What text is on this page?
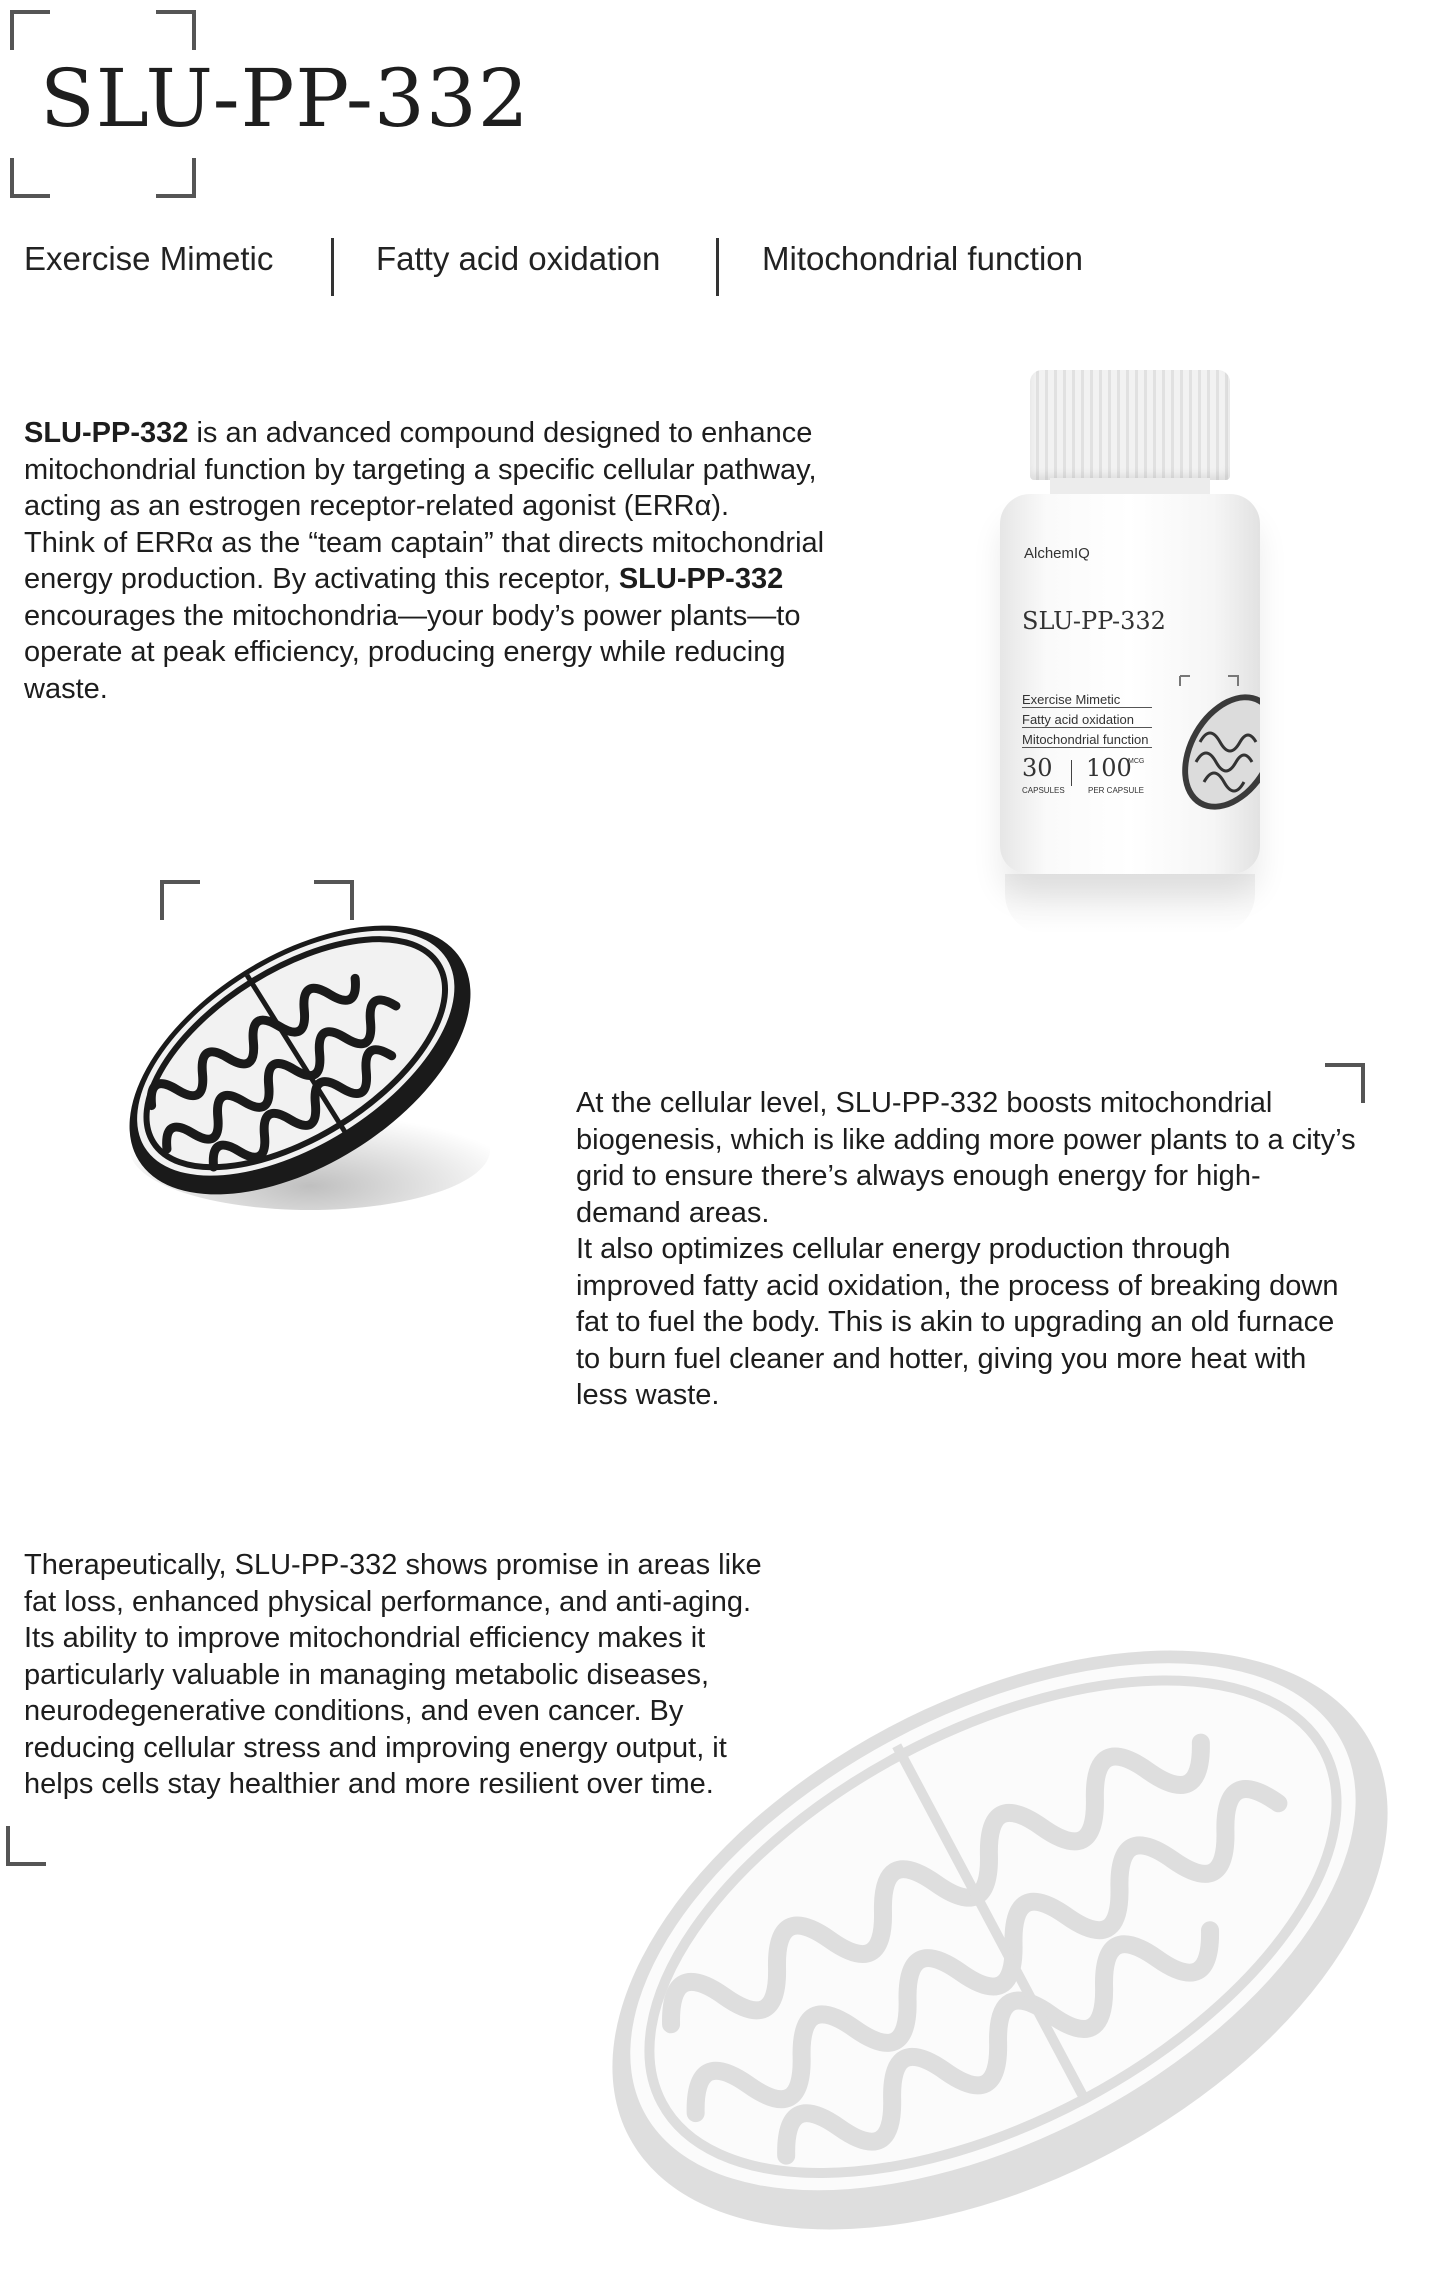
SLU-PP-332
Exercise Mimetic	Fatty acid oxidation	Mitochondrial function

SLU-PP-332 is an advanced compound designed to enhance mitochondrial function by targeting a specific cellular pathway, acting as an estrogen receptor-related agonist (ERRα).

Think of ERRα as the “team captain” that directs mitochondrial energy production. By activating this receptor, SLU-PP-332 encourages the mitochondria—your body’s power plants—to operate at peak efficiency, producing energy while reducing waste.

AlchemIQ
SLU-PP-332
Exercise Mimetic
Fatty acid oxidation
Mitochondrial function
30
CAPSULES
100
MCG
PER CAPSULE

At the cellular level, SLU-PP-332 boosts mitochondrial biogenesis, which is like adding more power plants to a city’s grid to ensure there’s always enough energy for high-demand areas.

It also optimizes cellular energy production through improved fatty acid oxidation, the process of breaking down fat to fuel the body. This is akin to upgrading an old furnace to burn fuel cleaner and hotter, giving you more heat with less waste.

Therapeutically, SLU-PP-332 shows promise in areas like fat loss, enhanced physical performance, and anti-aging. Its ability to improve mitochondrial efficiency makes it particularly valuable in managing metabolic diseases, neurodegenerative conditions, and even cancer. By reducing cellular stress and improving energy output, it helps cells stay healthier and more resilient over time.
